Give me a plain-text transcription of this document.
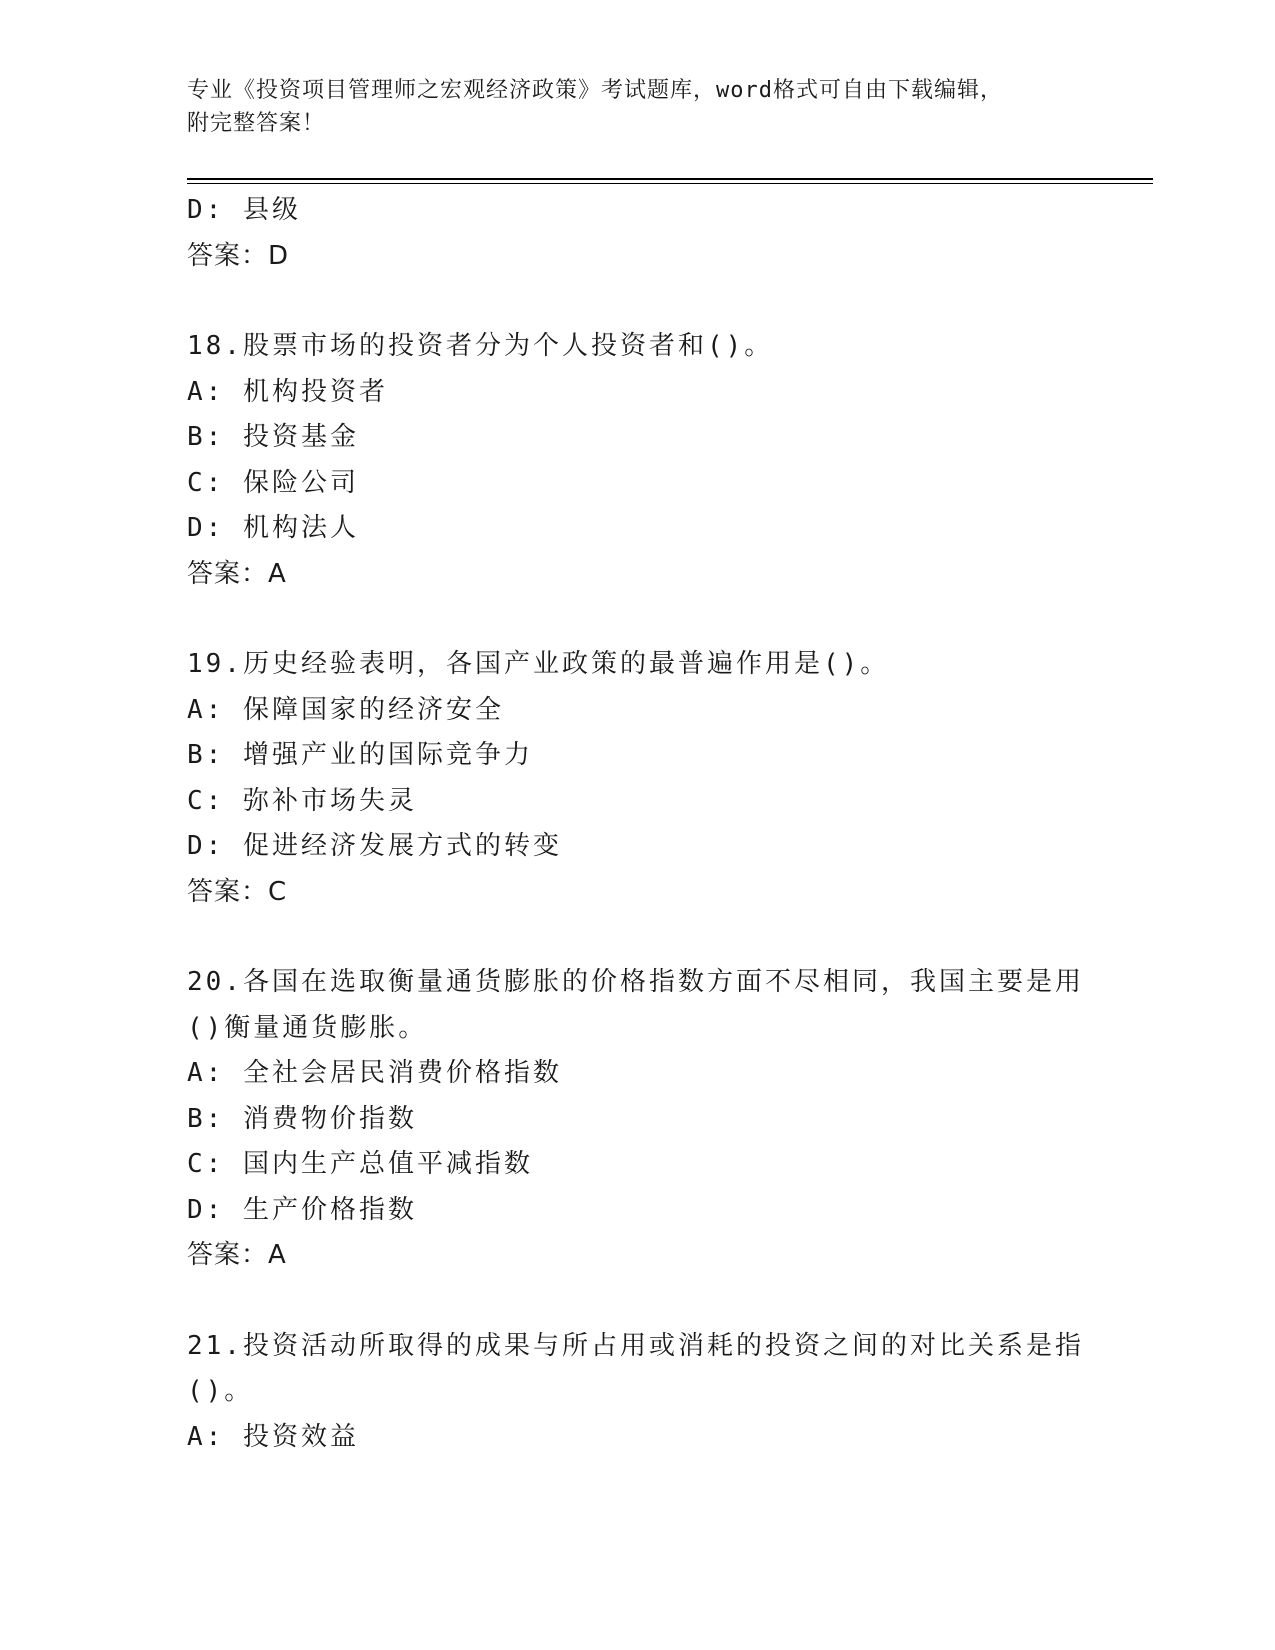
专业《投资项目管理师之宏观经济政策》考试题库，word格式可自由下载编辑，
附完整答案！
D: 县级
答案：D
18.股票市场的投资者分为个人投资者和()。
A: 机构投资者
B: 投资基金
C: 保险公司
D: 机构法人
答案：A
19.历史经验表明，各国产业政策的最普遍作用是()。
A: 保障国家的经济安全
B: 增强产业的国际竞争力
C: 弥补市场失灵
D: 促进经济发展方式的转变
答案：C
20.各国在选取衡量通货膨胀的价格指数方面不尽相同，我国主要是用
()衡量通货膨胀。
A: 全社会居民消费价格指数
B: 消费物价指数
C: 国内生产总值平减指数
D: 生产价格指数
答案：A
21.投资活动所取得的成果与所占用或消耗的投资之间的对比关系是指
()。
A: 投资效益
